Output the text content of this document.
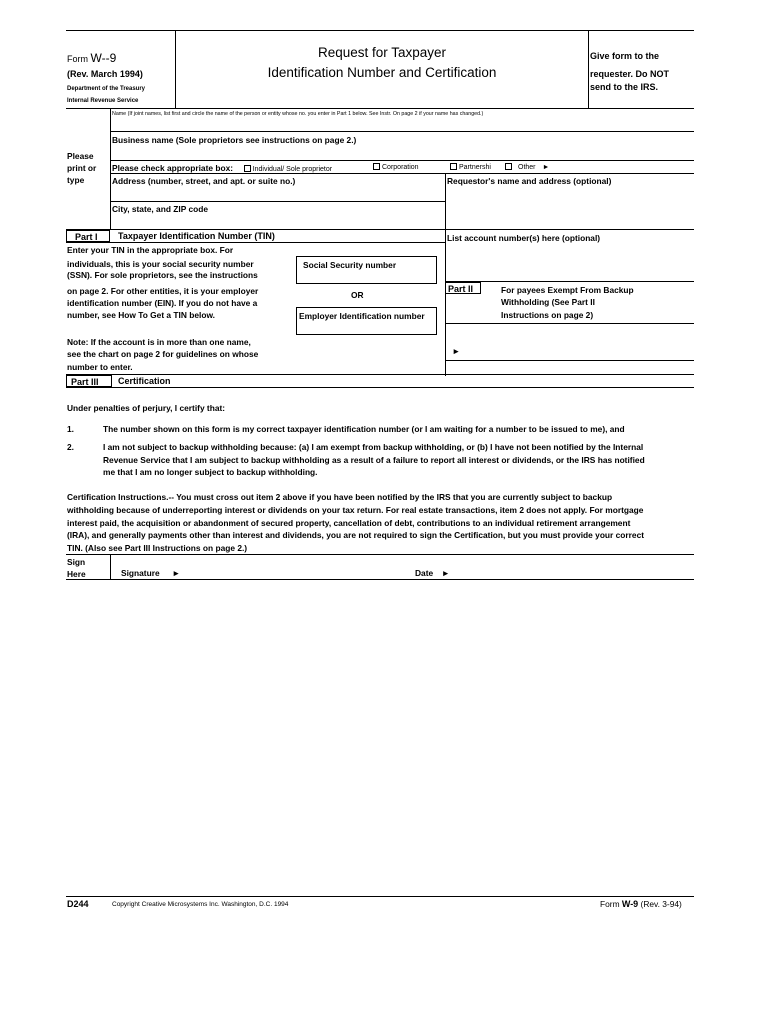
Form W--9
(Rev. March 1994)
Department of the Treasury
Internal Revenue Service
Request for Taxpayer
Identification Number and Certification
Give form to the
requester. Do NOT
send to the IRS.
Name (If joint names, list first and circle the name of the person or entity whose no. you enter in Part 1 below. See Instr. On page 2 if your name has changed.)
Business name (Sole proprietors see instructions on page 2.)
Please
print or
type
Please check appropriate box:	Individual/ Sole proprietor	Corporation	Partnershi	Other ►
Address (number, street, and apt. or suite no.)	Requestor's name and address (optional)
City, state, and ZIP code
Part I	Taxpayer Identification Number (TIN)	List account number(s) here (optional)
Enter your TIN in the appropriate box. For
individuals, this is your social security number
(SSN). For sole proprietors, see the instructions
on page 2. For other entities, it is your employer
identification number (EIN). If you do not have a
number, see How To Get a TIN below.
Social Security number
OR
Employer Identification number
Note: If the account is in more than one name,
see the chart on page 2 for guidelines on whose
number to enter.
Part II	For payees Exempt From Backup
Withholding (See Part II
Instructions on page 2)
►
Part III	Certification
Under penalties of perjury, I certify that:
1.	The number shown on this form is my correct taxpayer identification number (or I am waiting for a number to be issued to me), and
2.	I am not subject to backup withholding because: (a) I am exempt from backup withholding, or (b) I have not been notified by the Internal
Revenue Service that I am subject to backup withholding as a result of a failure to report all interest or dividends, or the IRS has notified
me that I am no longer subject to backup withholding.
Certification Instructions.-- You must cross out item 2 above if you have been notified by the IRS that you are currently subject to backup
withholding because of underreporting interest or dividends on your tax return. For real estate transactions, item 2 does not apply. For mortgage
interest paid, the acquisition or abandonment of secured property, cancellation of debt, contributions to an individual retirement arrangement
(IRA), and generally payments other than interest and dividends, you are not required to sign the Certification, but you must provide your correct
TIN. (Also see Part III Instructions on page 2.)
Sign
Here	Signature ►	Date ►
D244	Copyright Creative Microsystems Inc. Washington, D.C. 1994	Form W-9 (Rev. 3-94)
